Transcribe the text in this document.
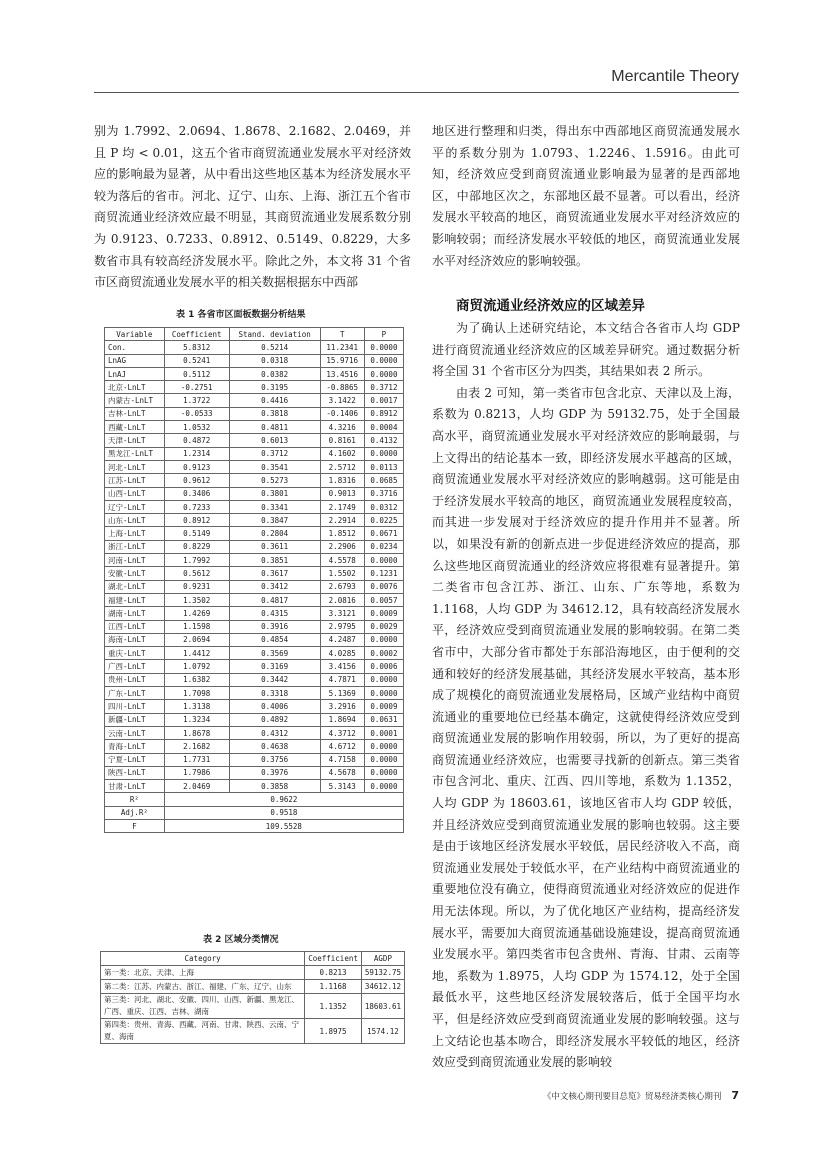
Mercantile Theory

别为 1.7992、2.0694、1.8678、2.1682、2.0469，并且 P 均 < 0.01，这五个省市商贸流通业发展水平对经济效应的影响最为显著，从中看出这些地区基本为经济发展水平较为落后的省市。河北、辽宁、山东、上海、浙江五个省市商贸流通业经济效应最不明显，其商贸流通业发展系数分别为 0.9123、0.7233、0.8912、0.5149、0.8229，大多数省市具有较高经济发展水平。除此之外，本文将 31 个省市区商贸流通业发展水平的相关数据根据东中西部

表 1 各省市区面板数据分析结果
Variable	Coefficient	Stand. deviation	T	P
Con.	5.8312	0.5214	11.2341	0.0000
LnAG	0.5241	0.0318	15.9716	0.0000
LnAJ	0.5112	0.0382	13.4516	0.0000
北京-LnLT	-0.2751	0.3195	-0.8865	0.3712
内蒙古-LnLT	1.3722	0.4416	3.1422	0.0017
吉林-LnLT	-0.0533	0.3818	-0.1406	0.8912
西藏-LnLT	1.0532	0.4811	4.3216	0.0004
天津-LnLT	0.4872	0.6013	0.8161	0.4132
黑龙江-LnLT	1.2314	0.3712	4.1602	0.0000
河北-LnLT	0.9123	0.3541	2.5712	0.0113
江苏-LnLT	0.9612	0.5273	1.8316	0.0685
山西-LnLT	0.3406	0.3801	0.9013	0.3716
辽宁-LnLT	0.7233	0.3341	2.1749	0.0312
山东-LnLT	0.8912	0.3847	2.2914	0.0225
上海-LnLT	0.5149	0.2804	1.8512	0.0671
浙江-LnLT	0.8229	0.3611	2.2906	0.0234
河南-LnLT	1.7992	0.3851	4.5578	0.0000
安徽-LnLT	0.5612	0.3617	1.5502	0.1231
湖北-LnLT	0.9231	0.3412	2.6793	0.0076
福建-LnLT	1.3502	0.4817	2.0816	0.0057
湖南-LnLT	1.4269	0.4315	3.3121	0.0009
江西-LnLT	1.1598	0.3916	2.9795	0.0029
海南-LnLT	2.0694	0.4854	4.2487	0.0000
重庆-LnLT	1.4412	0.3569	4.0285	0.0002
广西-LnLT	1.0792	0.3169	3.4156	0.0006
贵州-LnLT	1.6382	0.3442	4.7871	0.0000
广东-LnLT	1.7098	0.3318	5.1369	0.0000
四川-LnLT	1.3138	0.4006	3.2916	0.0009
新疆-LnLT	1.3234	0.4892	1.8694	0.0631
云南-LnLT	1.8678	0.4312	4.3712	0.0001
青海-LnLT	2.1682	0.4638	4.6712	0.0000
宁夏-LnLT	1.7731	0.3756	4.7158	0.0000
陕西-LnLT	1.7986	0.3976	4.5678	0.0000
甘肃-LnLT	2.0469	0.3858	5.3143	0.0000
R²	0.9622			
Adj.R²	0.9518			
F	109.5528			
表 2 区域分类情况
Category	Coefficient	AGDP
第一类：北京、天津、上海	0.8213	59132.75
第二类：江苏、内蒙古、浙江、福建、广东、辽宁、山东	1.1168	34612.12
第三类：河北、湖北、安徽、四川、山西、新疆、黑龙江、广西、重庆、江西、吉林、湖南	1.1352	18603.61
第四类：贵州、青海、西藏、河南、甘肃、陕西、云南、宁夏、海南	1.8975	1574.12

地区进行整理和归类，得出东中西部地区商贸流通发展水平的系数分别为 1.0793、1.2246、1.5916。由此可知，经济效应受到商贸流通业影响最为显著的是西部地区，中部地区次之，东部地区最不显著。可以看出，经济发展水平较高的地区，商贸流通业发展水平对经济效应的影响较弱；而经济发展水平较低的地区，商贸流通业发展水平对经济效应的影响较强。

商贸流通业经济效应的区域差异

为了确认上述研究结论，本文结合各省市人均 GDP 进行商贸流通业经济效应的区域差异研究。通过数据分析将全国 31 个省市区分为四类，其结果如表 2 所示。

由表 2 可知，第一类省市包含北京、天津以及上海，系数为 0.8213，人均 GDP 为 59132.75，处于全国最高水平，商贸流通业发展水平对经济效应的影响最弱，与上文得出的结论基本一致，即经济发展水平越高的区域，商贸流通业发展水平对经济效应的影响越弱。这可能是由于经济发展水平较高的地区，商贸流通业发展程度较高，而其进一步发展对于经济效应的提升作用并不显著。所以，如果没有新的创新点进一步促进经济效应的提高，那么这些地区商贸流通业的经济效应将很难有显著提升。第二类省市包含江苏、浙江、山东、广东等地，系数为 1.1168，人均 GDP 为 34612.12，具有较高经济发展水平，经济效应受到商贸流通业发展的影响较弱。在第二类省市中，大部分省市都处于东部沿海地区，由于便利的交通和较好的经济发展基础，其经济发展水平较高，基本形成了规模化的商贸流通业发展格局，区域产业结构中商贸流通业的重要地位已经基本确定，这就使得经济效应受到商贸流通业发展的影响作用较弱，所以，为了更好的提高商贸流通业经济效应，也需要寻找新的创新点。第三类省市包含河北、重庆、江西、四川等地，系数为 1.1352，人均 GDP 为 18603.61，该地区省市人均 GDP 较低，并且经济效应受到商贸流通业发展的影响也较弱。这主要是由于该地区经济发展水平较低，居民经济收入不高，商贸流通业发展处于较低水平，在产业结构中商贸流通业的重要地位没有确立，使得商贸流通业对经济效应的促进作用无法体现。所以，为了优化地区产业结构，提高经济发展水平，需要加大商贸流通基础设施建设，提高商贸流通业发展水平。第四类省市包含贵州、青海、甘肃、云南等地，系数为 1.8975，人均 GDP 为 1574.12，处于全国最低水平，这些地区经济发展较落后，低于全国平均水平，但是经济效应受到商贸流通业发展的影响较强。这与上文结论也基本吻合，即经济发展水平较低的地区，经济效应受到商贸流通业发展的影响较

《中文核心期刊要目总览》贸易经济类核心期刊 7
